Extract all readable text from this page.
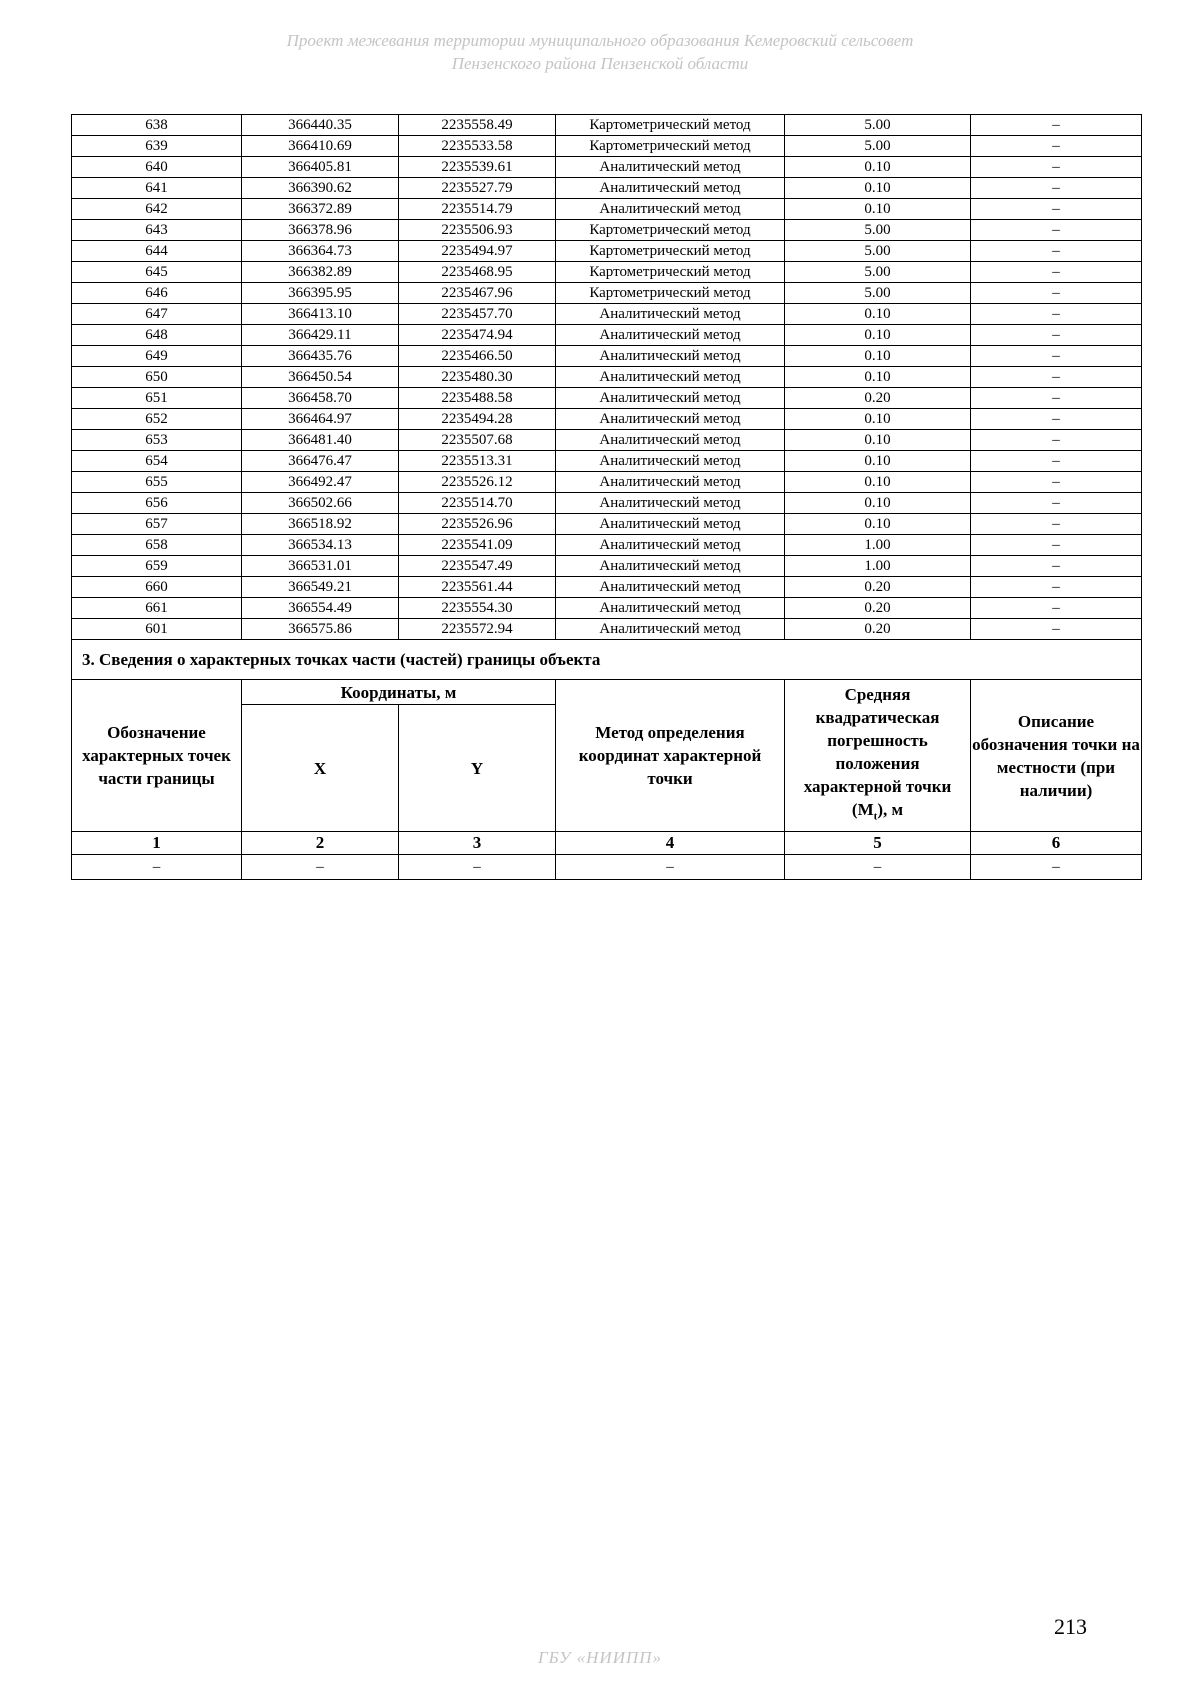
Проект межевания территории муниципального образования Кемеровский сельсовет
Пензенского района Пензенской области
638	366440.35	2235558.49	Картометрический метод	5.00	–
639	366410.69	2235533.58	Картометрический метод	5.00	–
640	366405.81	2235539.61	Аналитический метод	0.10	–
641	366390.62	2235527.79	Аналитический метод	0.10	–
642	366372.89	2235514.79	Аналитический метод	0.10	–
643	366378.96	2235506.93	Картометрический метод	5.00	–
644	366364.73	2235494.97	Картометрический метод	5.00	–
645	366382.89	2235468.95	Картометрический метод	5.00	–
646	366395.95	2235467.96	Картометрический метод	5.00	–
647	366413.10	2235457.70	Аналитический метод	0.10	–
648	366429.11	2235474.94	Аналитический метод	0.10	–
649	366435.76	2235466.50	Аналитический метод	0.10	–
650	366450.54	2235480.30	Аналитический метод	0.10	–
651	366458.70	2235488.58	Аналитический метод	0.20	–
652	366464.97	2235494.28	Аналитический метод	0.10	–
653	366481.40	2235507.68	Аналитический метод	0.10	–
654	366476.47	2235513.31	Аналитический метод	0.10	–
655	366492.47	2235526.12	Аналитический метод	0.10	–
656	366502.66	2235514.70	Аналитический метод	0.10	–
657	366518.92	2235526.96	Аналитический метод	0.10	–
658	366534.13	2235541.09	Аналитический метод	1.00	–
659	366531.01	2235547.49	Аналитический метод	1.00	–
660	366549.21	2235561.44	Аналитический метод	0.20	–
661	366554.49	2235554.30	Аналитический метод	0.20	–
601	366575.86	2235572.94	Аналитический метод	0.20	–
3. Сведения о характерных точках части (частей) границы объекта					
Обозначение характерных точек части границы	Координаты, м		Метод определения координат характерной точки	Средняя квадратическая погрешность положения характерной точки $(M_t)$, м	Описание обозначения точки на местности (при наличии)
	X	Y			
1	2	3	4	5	6
–	–	–	–	–	–
213
ГБУ «НИИПП»
